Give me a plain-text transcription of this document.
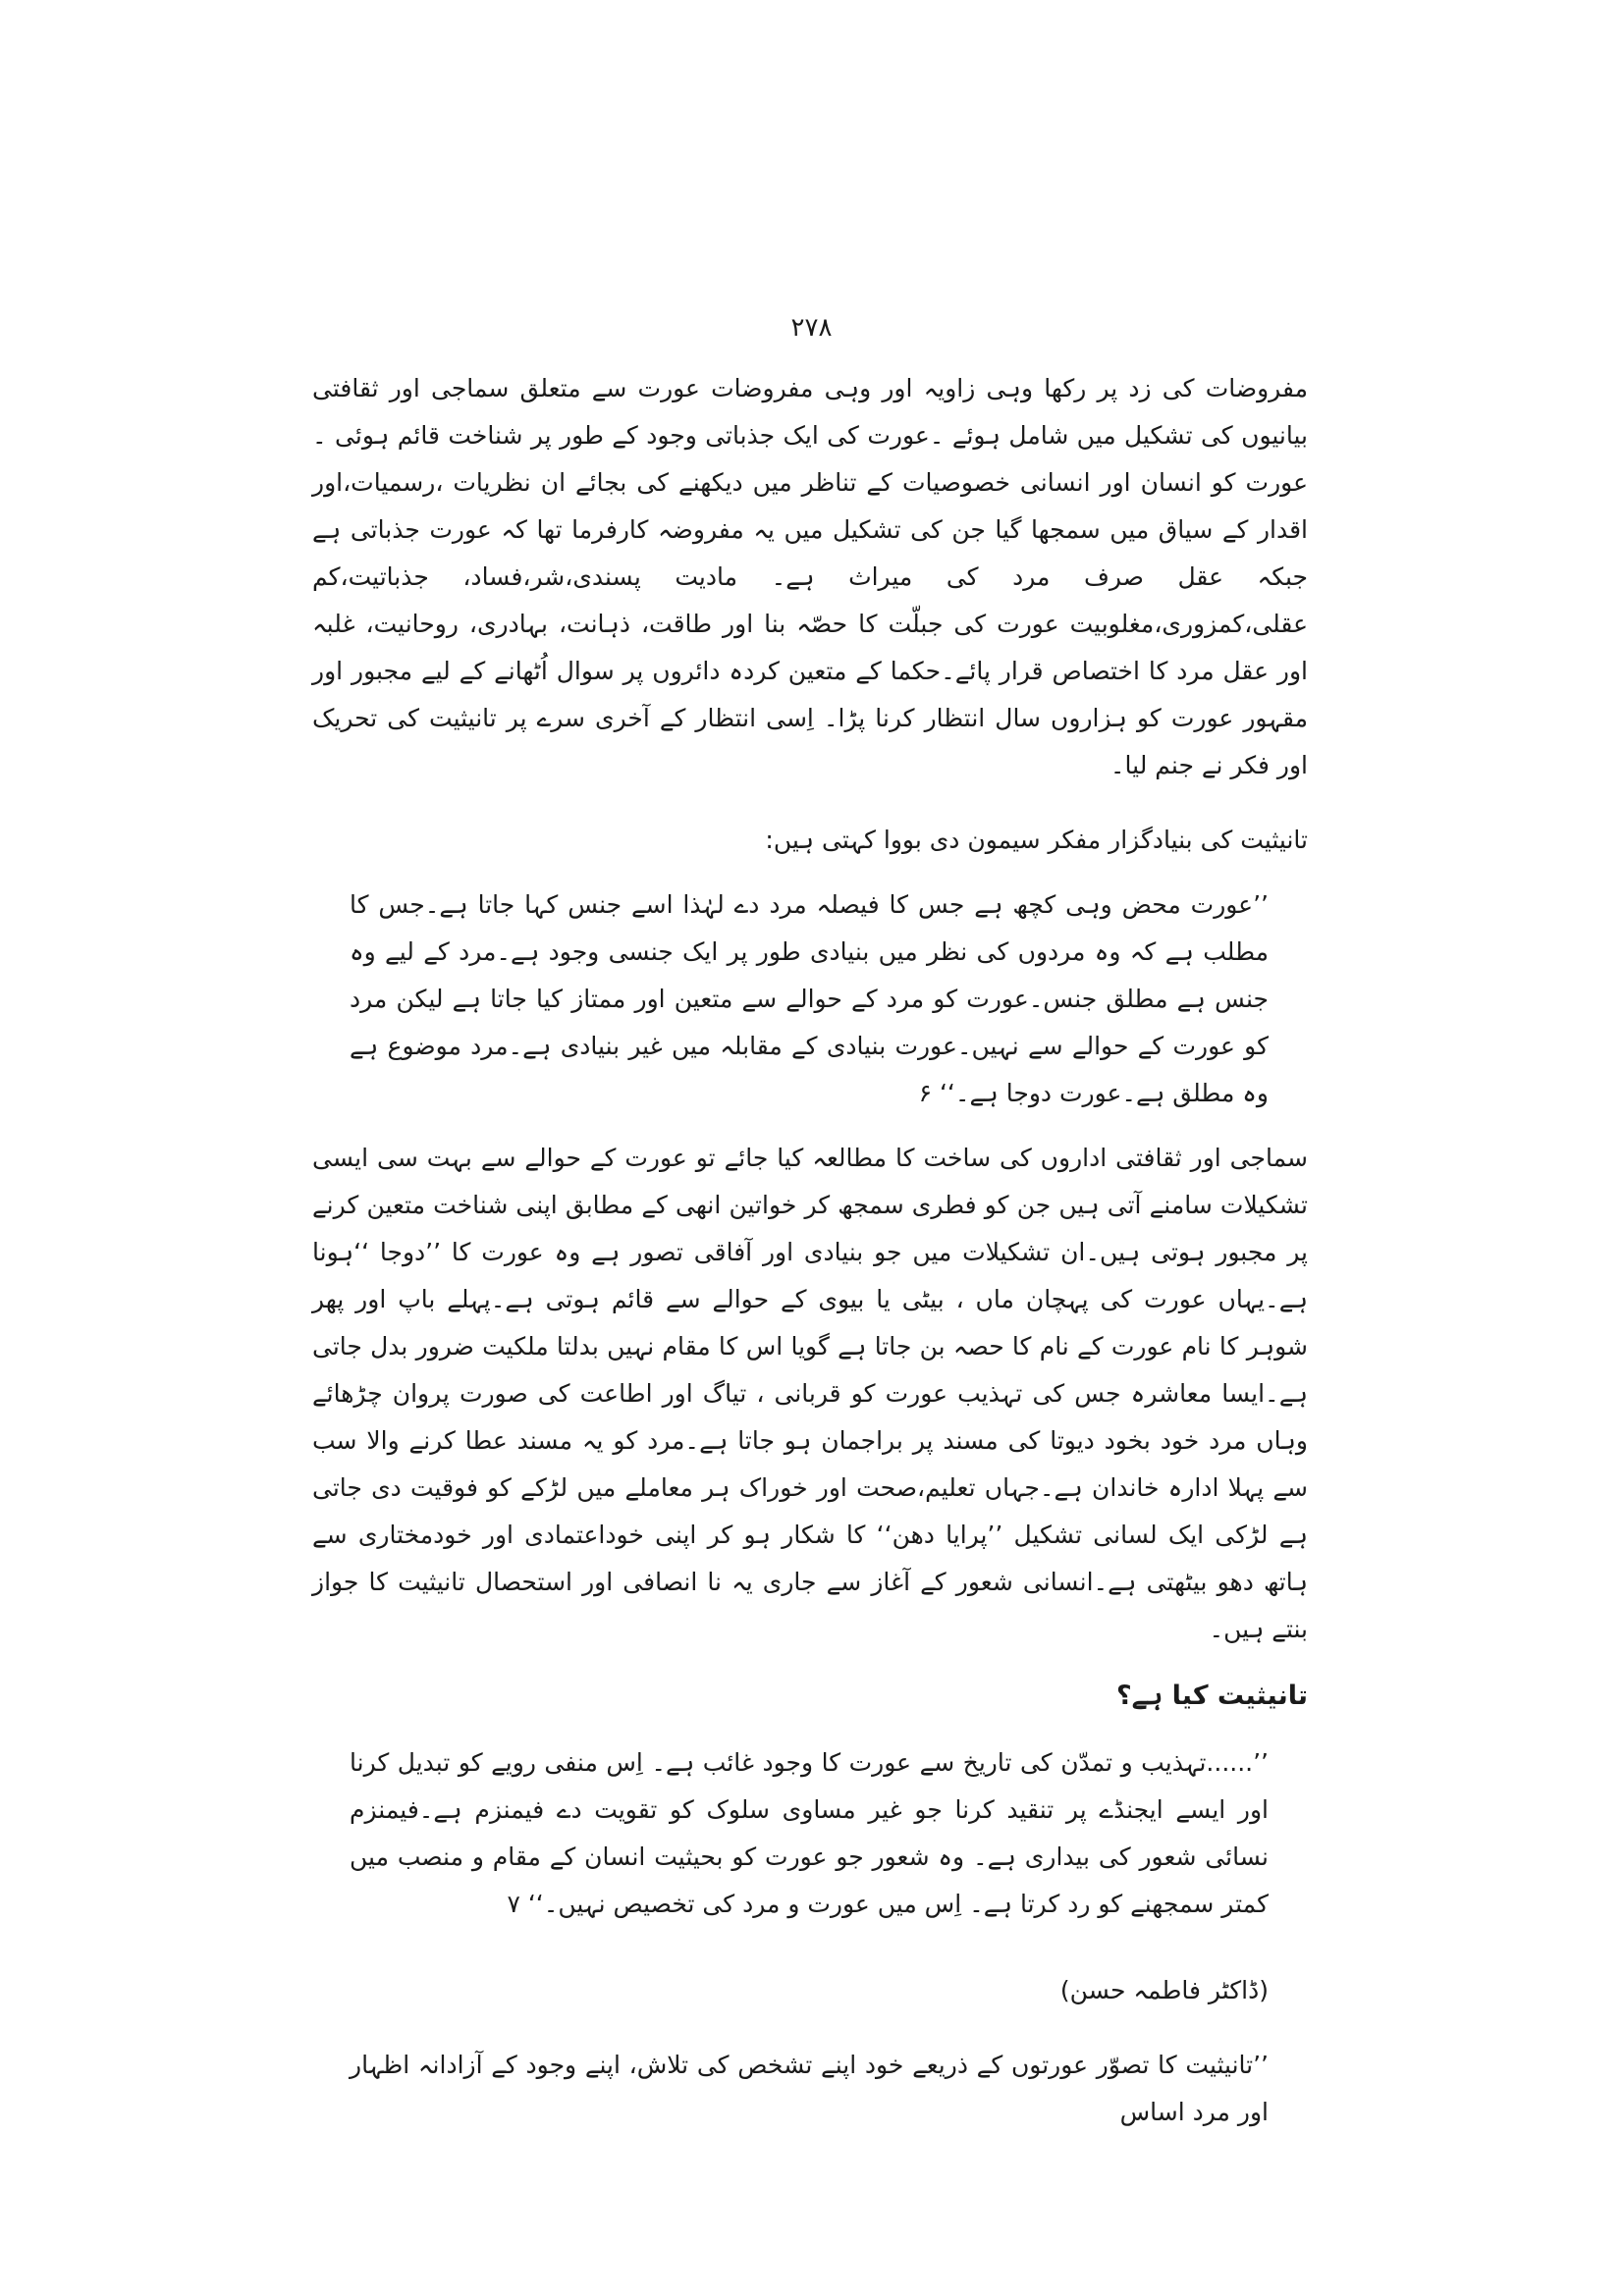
۲۷۸

مفروضات کی زد پر رکھا وہی زاویہ اور وہی مفروضات عورت سے متعلق سماجی اور ثقافتی بیانیوں کی تشکیل میں شامل ہوئے ۔عورت کی ایک جذباتی وجود کے طور پر شناخت قائم ہوئی ۔عورت کو انسان اور انسانی خصوصیات کے تناظر میں دیکھنے کی بجائے ان نظریات ،رسمیات،اور اقدار کے سیاق میں سمجھا گیا جن کی تشکیل میں یہ مفروضہ کارفرما تھا کہ عورت جذباتی ہے جبکہ عقل صرف مرد کی میراث ہے۔ مادیت پسندی،شر،فساد، جذباتیت،کم عقلی،کمزوری،مغلوبیت عورت کی جبلّت کا حصّہ بنا اور طاقت، ذہانت، بہادری، روحانیت، غلبہ اور عقل مرد کا اختصاص قرار پائے۔حکما کے متعین کردہ دائروں پر سوال اُٹھانے کے لیے مجبور اور مقہور عورت کو ہزاروں سال انتظار کرنا پڑا۔ اِسی انتظار کے آخری سرے پر تانیثیت کی تحریک اور فکر نے جنم لیا۔

تانیثیت کی بنیادگزار مفکر سیمون دی بووا کہتی ہیں:

’’عورت محض وہی کچھ ہے جس کا فیصلہ مرد دے لہٰذا اسے جنس کہا جاتا ہے۔جس کا مطلب ہے کہ وہ مردوں کی نظر میں بنیادی طور پر ایک جنسی وجود ہے۔مرد کے لیے وہ جنس ہے مطلق جنس۔عورت کو مرد کے حوالے سے متعین اور ممتاز کیا جاتا ہے لیکن مرد کو عورت کے حوالے سے نہیں۔عورت بنیادی کے مقابلہ میں غیر بنیادی ہے۔مرد موضوع ہے وہ مطلق ہے۔عورت دوجا ہے۔‘‘ ۶

سماجی اور ثقافتی اداروں کی ساخت کا مطالعہ کیا جائے تو عورت کے حوالے سے بہت سی ایسی تشکیلات سامنے آتی ہیں جن کو فطری سمجھ کر خواتین انھی کے مطابق اپنی شناخت متعین کرنے پر مجبور ہوتی ہیں۔ان تشکیلات میں جو بنیادی اور آفاقی تصور ہے وہ عورت کا ’’دوجا ‘‘ہونا ہے۔یہاں عورت کی پہچان ماں ، بیٹی یا بیوی کے حوالے سے قائم ہوتی ہے۔پہلے باپ اور پھر شوہر کا نام عورت کے نام کا حصہ بن جاتا ہے گویا اس کا مقام نہیں بدلتا ملکیت ضرور بدل جاتی ہے۔ایسا معاشرہ جس کی تہذیب عورت کو قربانی ، تیاگ اور اطاعت کی صورت پروان چڑھائے وہاں مرد خود بخود دیوتا کی مسند پر براجمان ہو جاتا ہے۔مرد کو یہ مسند عطا کرنے والا سب سے پہلا ادارہ خاندان ہے۔جہاں تعلیم،صحت اور خوراک ہر معاملے میں لڑکے کو فوقیت دی جاتی ہے لڑکی ایک لسانی تشکیل ’’پرایا دھن‘‘ کا شکار ہو کر اپنی خوداعتمادی اور خودمختاری سے ہاتھ دھو بیٹھتی ہے۔انسانی شعور کے آغاز سے جاری یہ نا انصافی اور استحصال تانیثیت کا جواز بنتے ہیں۔

تانیثیت کیا ہے؟

’’......تہذیب و تمدّن کی تاریخ سے عورت کا وجود غائب ہے۔ اِس منفی رویے کو تبدیل کرنا اور ایسے ایجنڈے پر تنقید کرنا جو غیر مساوی سلوک کو تقویت دے فیمنزم ہے۔فیمنزم نسائی شعور کی بیداری ہے۔ وہ شعور جو عورت کو بحیثیت انسان کے مقام و منصب میں کمتر سمجھنے کو رد کرتا ہے۔ اِس میں عورت و مرد کی تخصیص نہیں۔‘‘ ۷

(ڈاکٹر فاطمہ حسن)

’’تانیثیت کا تصوّر عورتوں کے ذریعے خود اپنے تشخص کی تلاش، اپنے وجود کے آزادانہ اظہار اور مرد اساس
